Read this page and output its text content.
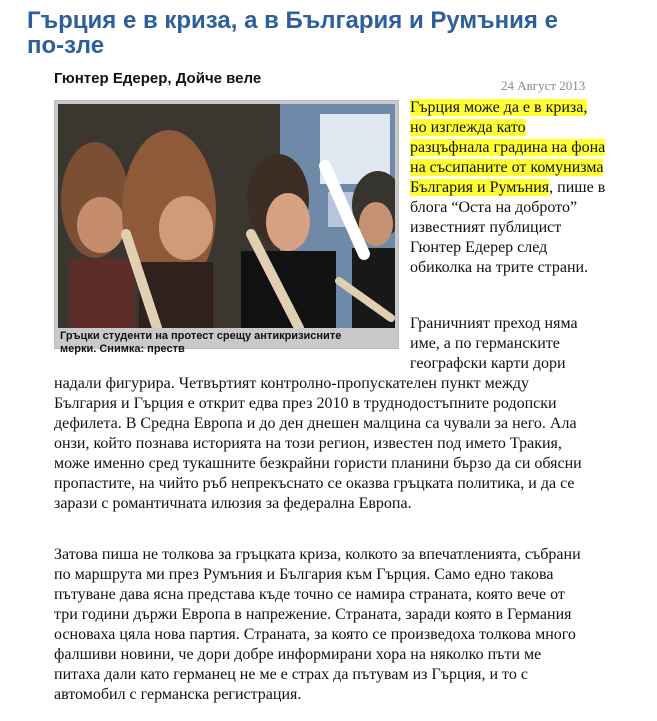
Гърция е в криза, а в България и Румъния е
по-зле
Гюнтер Едерер, Дойче веле	24 Август 2013

Гръцки студенти на протест срещу антикризисните
мерки. Снимка: преств

Гърция може да е в криза,
но изглежда като
разцъфнала градина на фона
на съсипаните от комунизма
България и Румъния, пише в
блога “Оста на доброто”
известният публицист
Гюнтер Едерер след
обиколка на трите страни.
Граничният преход няма
име, а по германските
географски карти дори
надали фигурира. Четвъртият контролно-пропускателен пункт между
България и Гърция е открит едва през 2010 в труднодостъпните родопски
дефилета. В Средна Европа и до ден днешен малцина са чували за него. Ала
онзи, който познава историята на този регион, известен под името Тракия,
може именно сред тукашните безкрайни гористи планини бързо да си обясни
пропастите, на чийто ръб непрекъснато се оказва гръцката политика, и да се
зарази с романтичната илюзия за федерална Европа.
Затова пиша не толкова за гръцката криза, колкото за впечатленията, събрани
по маршрута ми през Румъния и България към Гърция. Само едно такова
пътуване дава ясна представа къде точно се намира страната, която вече от
три години държи Европа в напрежение. Страната, заради която в Германия
основаха цяла нова партия. Страната, за която се произведоха толкова много
фалшиви новини, че дори добре информирани хора на няколко пъти ме
питаха дали като германец не ме е страх да пътувам из Гърция, и то с
автомобил с германска регистрация.
